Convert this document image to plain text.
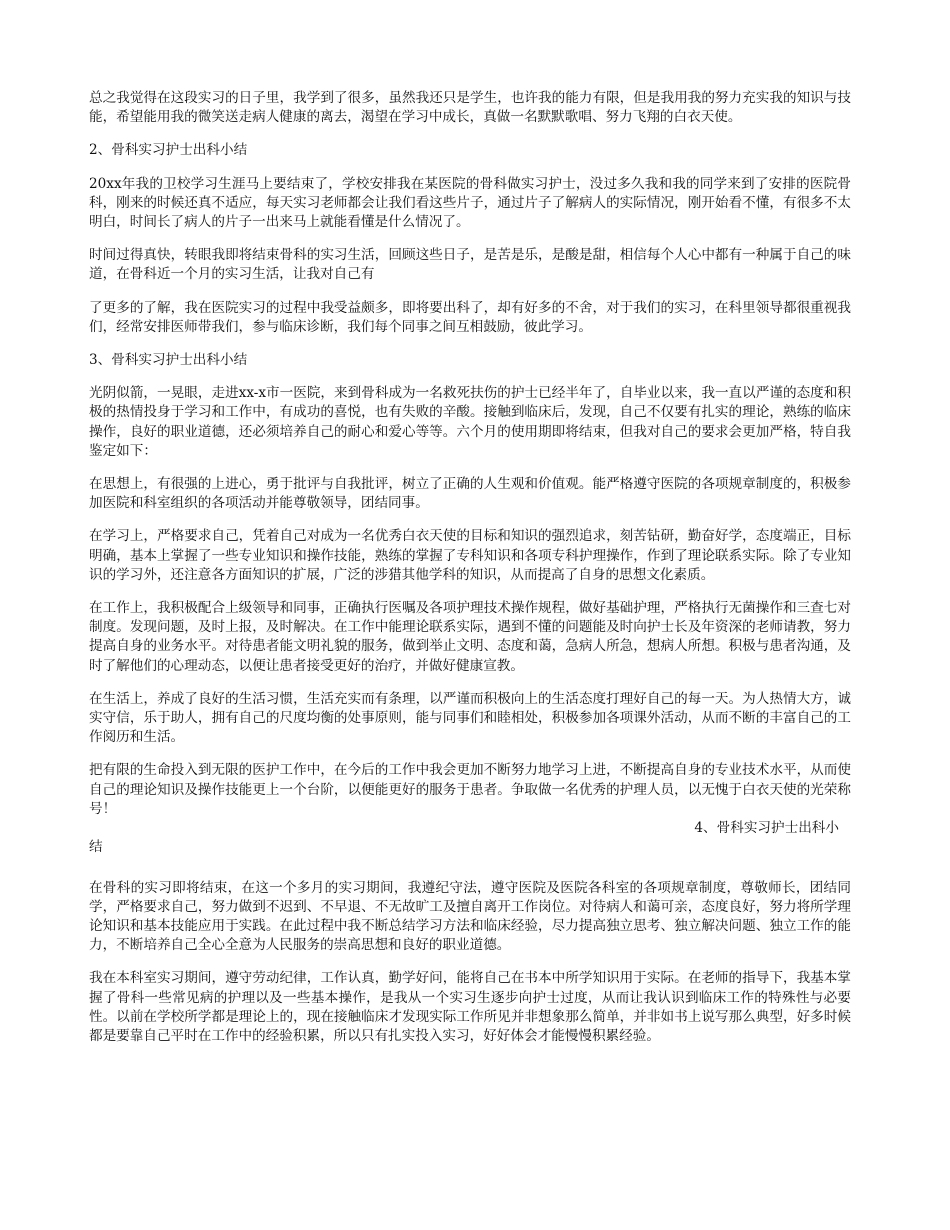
总之我觉得在这段实习的日子里，我学到了很多，虽然我还只是学生，也许我的能力有限，但是我用我的努力充实我的知识与技能，希望能用我的微笑送走病人健康的离去，渴望在学习中成长，真做一名默默歌唱、努力飞翔的白衣天使。

2、骨科实习护士出科小结

20xx年我的卫校学习生涯马上要结束了，学校安排我在某医院的骨科做实习护士，没过多久我和我的同学来到了安排的医院骨科，刚来的时候还真不适应，每天实习老师都会让我们看这些片子，通过片子了解病人的实际情况，刚开始看不懂，有很多不太明白，时间长了病人的片子一出来马上就能看懂是什么情况了。

时间过得真快，转眼我即将结束骨科的实习生活，回顾这些日子，是苦是乐，是酸是甜，相信每个人心中都有一种属于自己的味道，在骨科近一个月的实习生活，让我对自己有

了更多的了解，我在医院实习的过程中我受益颇多，即将要出科了，却有好多的不舍，对于我们的实习，在科里领导都很重视我们，经常安排医师带我们，参与临床诊断，我们每个同事之间互相鼓励，彼此学习。

3、骨科实习护士出科小结

光阴似箭，一晃眼，走进xx-x市一医院，来到骨科成为一名救死扶伤的护士已经半年了，自毕业以来，我一直以严谨的态度和积极的热情投身于学习和工作中，有成功的喜悦，也有失败的辛酸。接触到临床后，发现，自己不仅要有扎实的理论，熟练的临床操作，良好的职业道德，还必须培养自己的耐心和爱心等等。六个月的使用期即将结束，但我对自己的要求会更加严格，特自我鉴定如下：

在思想上，有很强的上进心，勇于批评与自我批评，树立了正确的人生观和价值观。能严格遵守医院的各项规章制度的，积极参加医院和科室组织的各项活动并能尊敬领导，团结同事。

在学习上，严格要求自己，凭着自己对成为一名优秀白衣天使的目标和知识的强烈追求，刻苦钻研，勤奋好学，态度端正，目标明确，基本上掌握了一些专业知识和操作技能，熟练的掌握了专科知识和各项专科护理操作，作到了理论联系实际。除了专业知识的学习外，还注意各方面知识的扩展，广泛的涉猎其他学科的知识，从而提高了自身的思想文化素质。

在工作上，我积极配合上级领导和同事，正确执行医嘱及各项护理技术操作规程，做好基础护理，严格执行无菌操作和三查七对制度。发现问题，及时上报，及时解决。在工作中能理论联系实际，遇到不懂的问题能及时向护士长及年资深的老师请教，努力提高自身的业务水平。对待患者能文明礼貌的服务，做到举止文明、态度和蔼，急病人所急，想病人所想。积极与患者沟通，及时了解他们的心理动态，以便让患者接受更好的治疗，并做好健康宣教。

在生活上，养成了良好的生活习惯，生活充实而有条理，以严谨而积极向上的生活态度打理好自己的每一天。为人热情大方，诚实守信，乐于助人，拥有自己的尺度均衡的处事原则，能与同事们和睦相处，积极参加各项课外活动，从而不断的丰富自己的工作阅历和生活。

把有限的生命投入到无限的医护工作中，在今后的工作中我会更加不断努力地学习上进，不断提高自身的专业技术水平，从而使自己的理论知识及操作技能更上一个台阶，以便能更好的服务于患者。争取做一名优秀的护理人员，以无愧于白衣天使的光荣称号！

4、骨科实习护士出科小

结

在骨科的实习即将结束，在这一个多月的实习期间，我遵纪守法，遵守医院及医院各科室的各项规章制度，尊敬师长，团结同学，严格要求自己，努力做到不迟到、不早退、不无故旷工及擅自离开工作岗位。对待病人和蔼可亲，态度良好，努力将所学理论知识和基本技能应用于实践。在此过程中我不断总结学习方法和临床经验，尽力提高独立思考、独立解决问题、独立工作的能力，不断培养自己全心全意为人民服务的崇高思想和良好的职业道德。

我在本科室实习期间，遵守劳动纪律，工作认真，勤学好问，能将自己在书本中所学知识用于实际。在老师的指导下，我基本掌握了骨科一些常见病的护理以及一些基本操作，是我从一个实习生逐步向护士过度，从而让我认识到临床工作的特殊性与必要性。以前在学校所学都是理论上的，现在接触临床才发现实际工作所见并非想象那么简单，并非如书上说写那么典型，好多时候都是要靠自己平时在工作中的经验积累，所以只有扎实投入实习，好好体会才能慢慢积累经验。
